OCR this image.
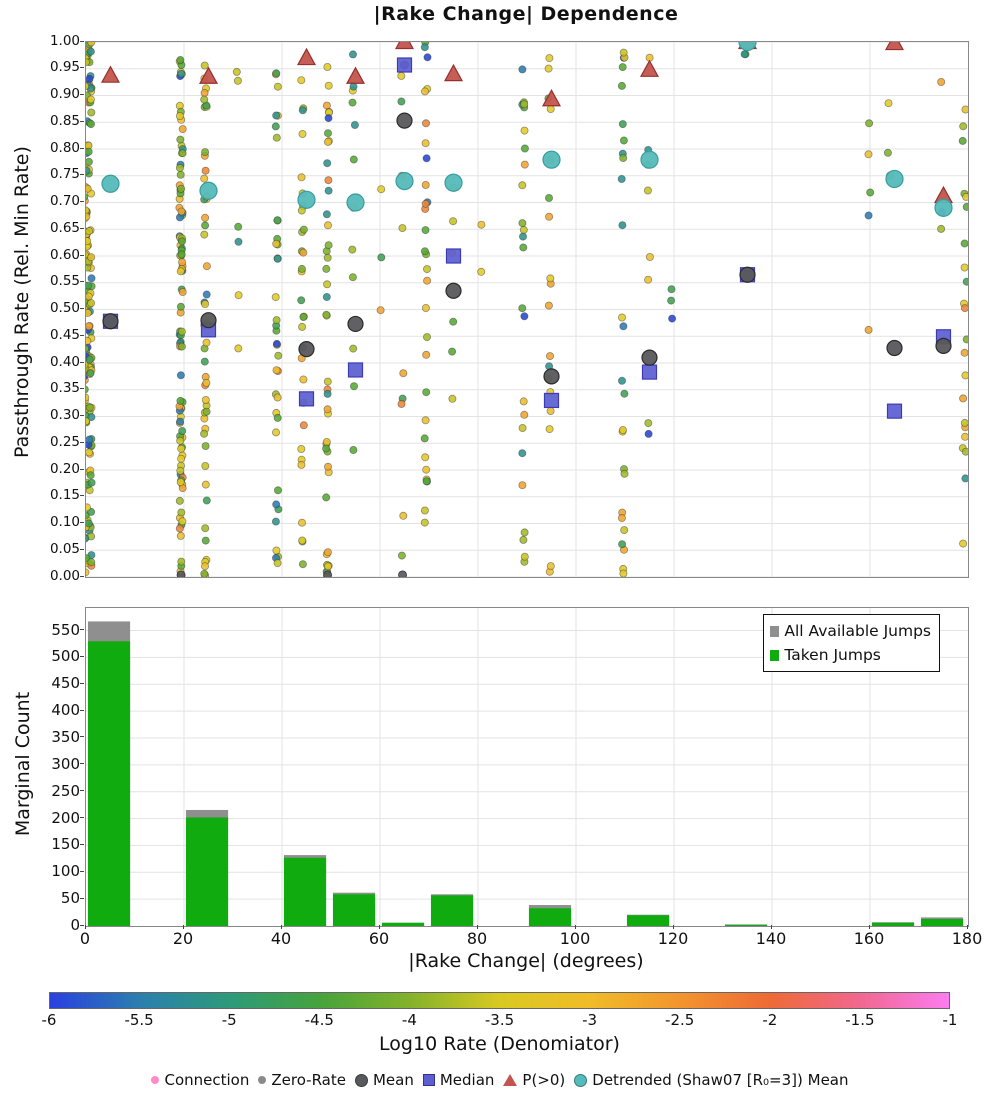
|Rake Change| Dependence
Passthrough Rate (Rel. Min Rate)
1.00
0.95
0.90
0.85
0.80
0.75
0.70
0.65
0.60
0.55
0.50
0.45
0.40
0.35
0.30
0.25
0.20
0.15
0.10
0.05
0.00
Marginal Count
All Available Jumps
Taken Jumps
0
50
100
150
200
250
300
350
400
450
500
550
0	20	40	60	80	100	120	140	160	180
|Rake Change| (degrees)
-6	-5.5	-5	-4.5	-4	-3.5	-3	-2.5	-2	-1.5	-1
Log10 Rate (Denomiator)
Connection Zero-Rate Mean Median P(>0) Detrended (Shaw07 [R₀=3]) Mean
